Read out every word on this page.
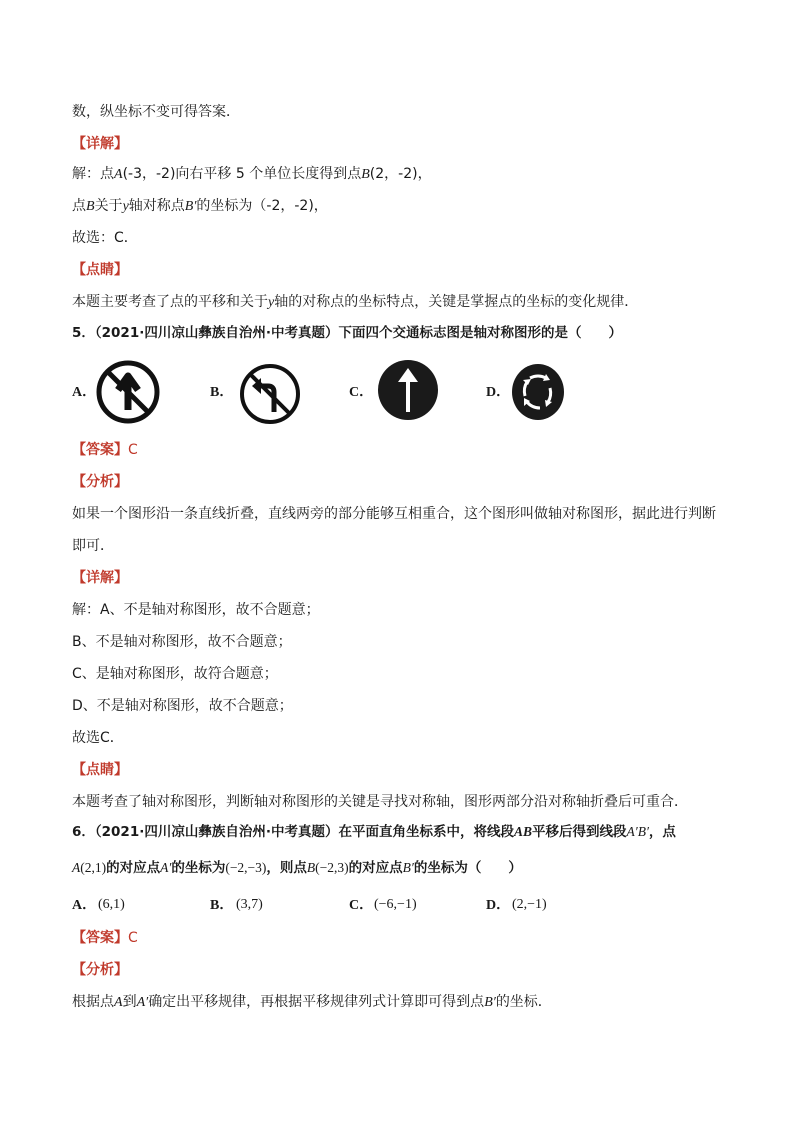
数，纵坐标不变可得答案．
【详解】
解：点A(-3，-2)向右平移 5 个单位长度得到点B(2，-2)，
点B关于y轴对称点B′的坐标为（-2，-2)，
故选：C．
【点睛】
本题主要考查了点的平移和关于y轴的对称点的坐标特点，关键是掌握点的坐标的变化规律．
5．（2021·四川凉山彝族自治州·中考真题）下面四个交通标志图是轴对称图形的是（　　）
A．	B．	C．	D．
【答案】C
【分析】
如果一个图形沿一条直线折叠，直线两旁的部分能够互相重合，这个图形叫做轴对称图形，据此进行判断
即可．
【详解】
解：A、不是轴对称图形，故不合题意；
B、不是轴对称图形，故不合题意；
C、是轴对称图形，故符合题意；
D、不是轴对称图形，故不合题意；
故选C．
【点睛】
本题考查了轴对称图形，判断轴对称图形的关键是寻找对称轴，图形两部分沿对称轴折叠后可重合．
6．（2021·四川凉山彝族自治州·中考真题）在平面直角坐标系中，将线段AB平移后得到线段A′B′，点
A(2,1)的对应点A′的坐标为(−2,−3)，则点B(−2,3)的对应点B′的坐标为（　　）
A． (6,1)	B． (3,7)	C． (−6,−1)	D． (2,−1)
【答案】C
【分析】
根据点A到A′确定出平移规律，再根据平移规律列式计算即可得到点B′的坐标．
